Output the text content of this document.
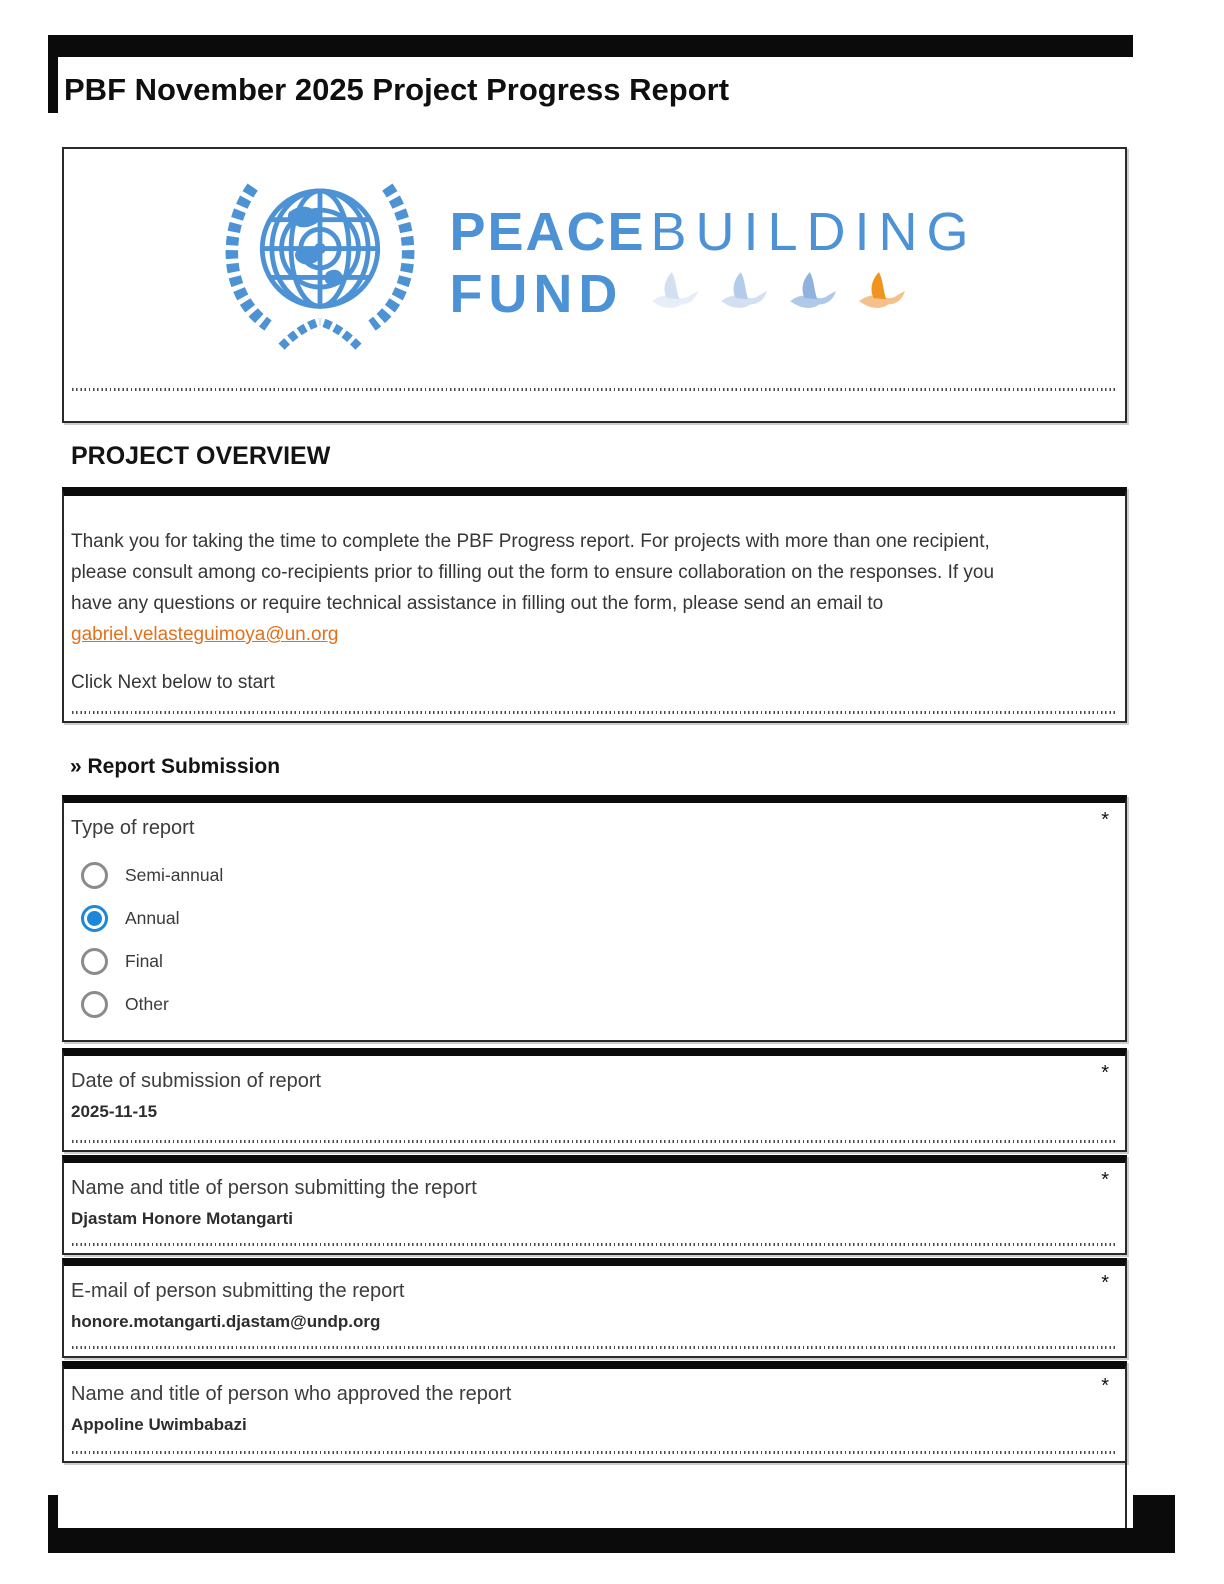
PBF November 2025 Project Progress Report
PEACEBUILDING
FUND
PROJECT OVERVIEW

Thank you for taking the time to complete the PBF Progress report. For projects with more than one recipient, please consult among co-recipients prior to filling out the form to ensure collaboration on the responses. If you have any questions or require technical assistance in filling out the form, please send an email to gabriel.velasteguimoya@un.org

Click Next below to start

» Report Submission
*
Type of report
Semi-annual
Annual
Final
Other
*
Date of submission of report
2025-11-15
*
Name and title of person submitting the report
Djastam Honore Motangarti
*
E-mail of person submitting the report
honore.motangarti.djastam@undp.org
*
Name and title of person who approved the report
Appoline Uwimbabazi
